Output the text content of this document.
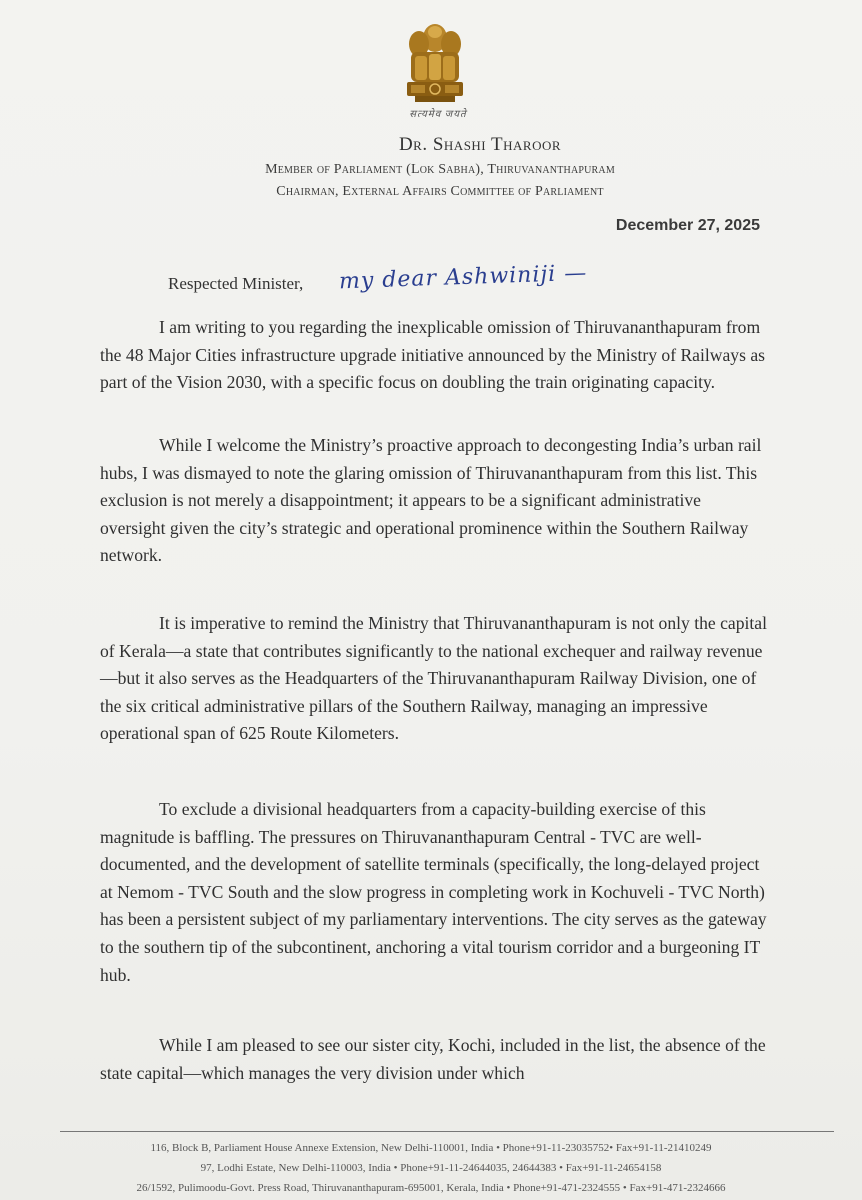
सत्यमेव जयते
Dr. Shashi Tharoor
Member of Parliament (Lok Sabha), Thiruvananthapuram
Chairman, External Affairs Committee of Parliament
December 27, 2025
Respected Minister, my dear Ashwiniji —

I am writing to you regarding the inexplicable omission of Thiruvananthapuram from the 48 Major Cities infrastructure upgrade initiative announced by the Ministry of Railways as part of the Vision 2030, with a specific focus on doubling the train originating capacity.

While I welcome the Ministry’s proactive approach to decongesting India’s urban rail hubs, I was dismayed to note the glaring omission of Thiruvananthapuram from this list. This exclusion is not merely a disappointment; it appears to be a significant administrative oversight given the city’s strategic and operational prominence within the Southern Railway network.

It is imperative to remind the Ministry that Thiruvananthapuram is not only the capital of Kerala—a state that contributes significantly to the national exchequer and railway revenue—but it also serves as the Headquarters of the Thiruvananthapuram Railway Division, one of the six critical administrative pillars of the Southern Railway, managing an impressive operational span of 625 Route Kilometers.

To exclude a divisional headquarters from a capacity-building exercise of this magnitude is baffling. The pressures on Thiruvananthapuram Central - TVC are well-documented, and the development of satellite terminals (specifically, the long-delayed project at Nemom - TVC South and the slow progress in completing work in Kochuveli - TVC North) has been a persistent subject of my parliamentary interventions. The city serves as the gateway to the southern tip of the subcontinent, anchoring a vital tourism corridor and a burgeoning IT hub.

While I am pleased to see our sister city, Kochi, included in the list, the absence of the state capital—which manages the very division under which

116, Block B, Parliament House Annexe Extension, New Delhi-110001, India • Phone+91-11-23035752• Fax+91-11-21410249
97, Lodhi Estate, New Delhi-110003, India • Phone+91-11-24644035, 24644383 • Fax+91-11-24654158
26/1592, Pulimoodu-Govt. Press Road, Thiruvananthapuram-695001, Kerala, India • Phone+91-471-2324555 • Fax+91-471-2324666
